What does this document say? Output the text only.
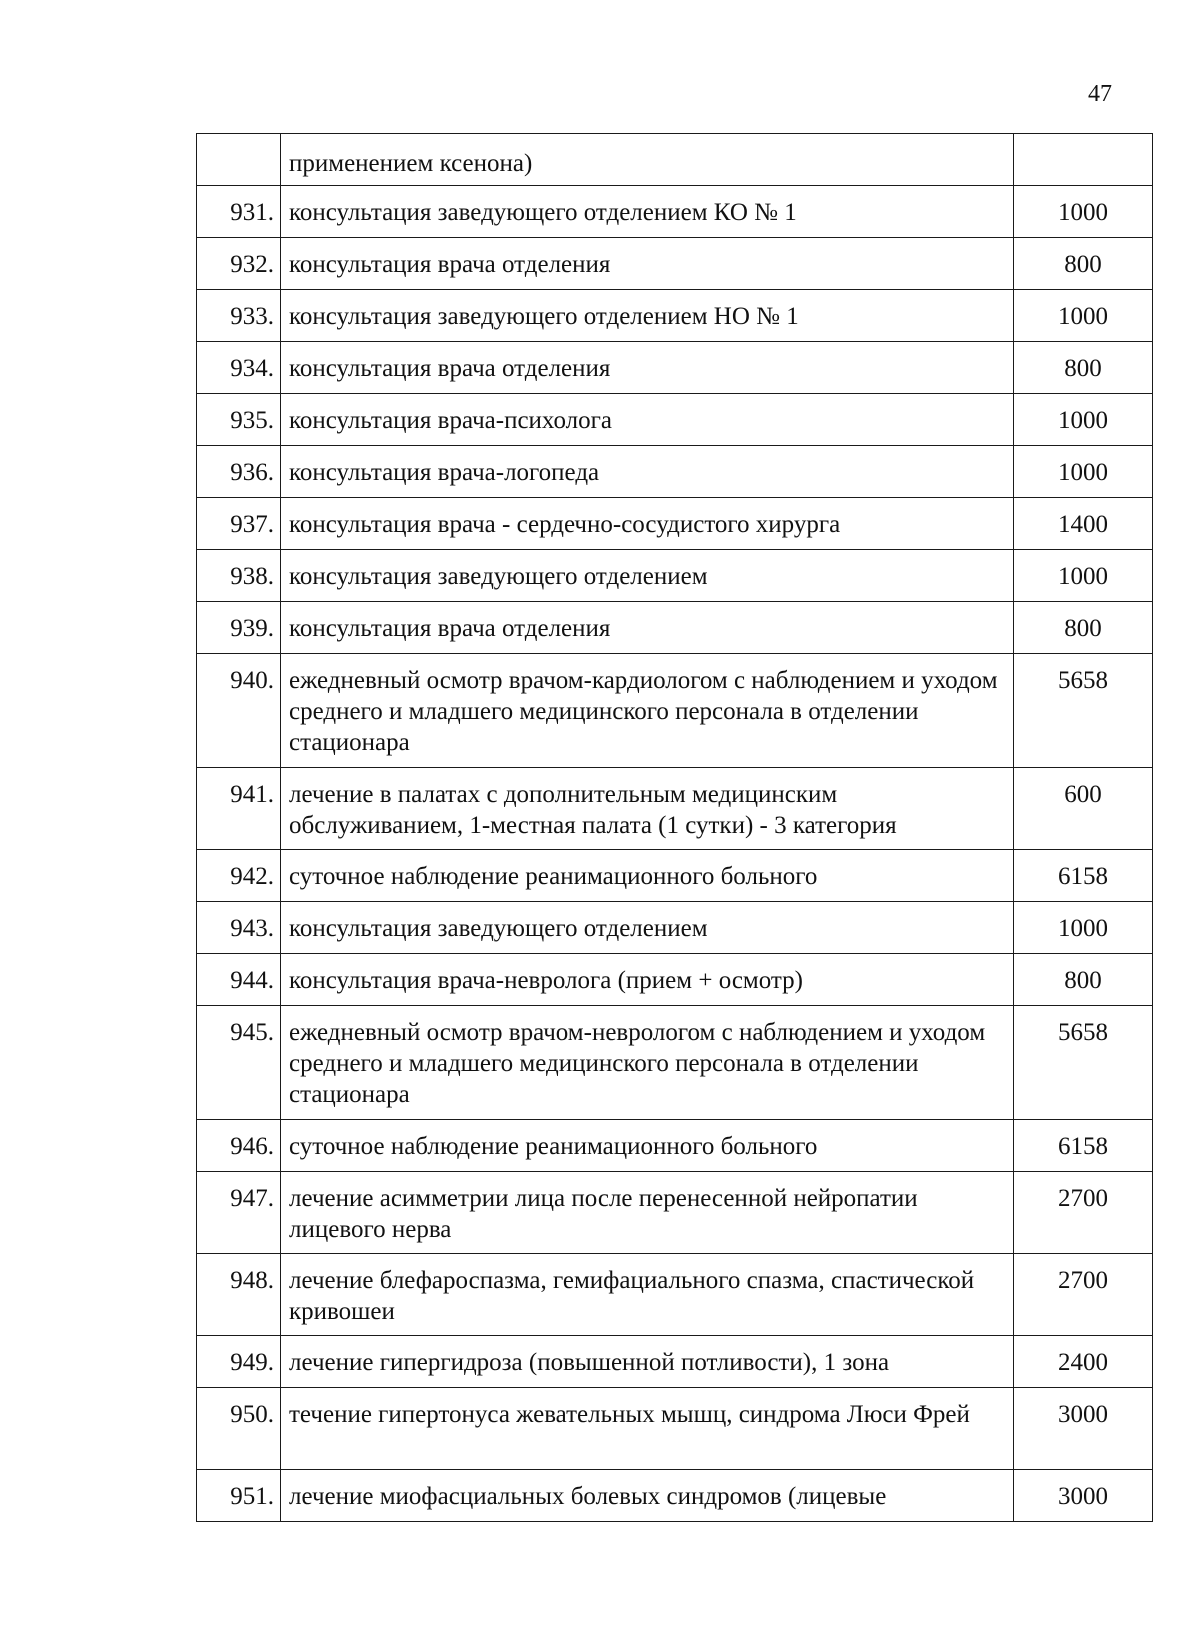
47
	применением ксенона)	
931.	консультация заведующего отделением КО № 1	1000
932.	консультация врача отделения	800
933.	консультация заведующего отделением НО № 1	1000
934.	консультация врача отделения	800
935.	консультация врача-психолога	1000
936.	консультация врача-логопеда	1000
937.	консультация врача - сердечно-сосудистого хирурга	1400
938.	консультация заведующего отделением	1000
939.	консультация врача отделения	800
940.	ежедневный осмотр врачом-кардиологом с наблюдением и уходом среднего и младшего медицинского персонала в отделении стационара	5658
941.	лечение в палатах с дополнительным медицинским обслуживанием, 1-местная палата (1 сутки) - 3 категория	600
942.	суточное наблюдение реанимационного больного	6158
943.	консультация заведующего отделением	1000
944.	консультация врача-невролога (прием + осмотр)	800
945.	ежедневный осмотр врачом-неврологом с наблюдением и уходом среднего и младшего медицинского персонала в отделении стационара	5658
946.	суточное наблюдение реанимационного больного	6158
947.	лечение асимметрии лица после перенесенной нейропатии лицевого нерва	2700
948.	лечение блефароспазма, гемифациального спазма, спастической кривошеи	2700
949.	лечение гипергидроза (повышенной потливости), 1 зона	2400
950.	течение гипертонуса жевательных мышц, синдрома Люси Фрей	3000
951.	лечение миофасциальных болевых синдромов (лицевые	3000
